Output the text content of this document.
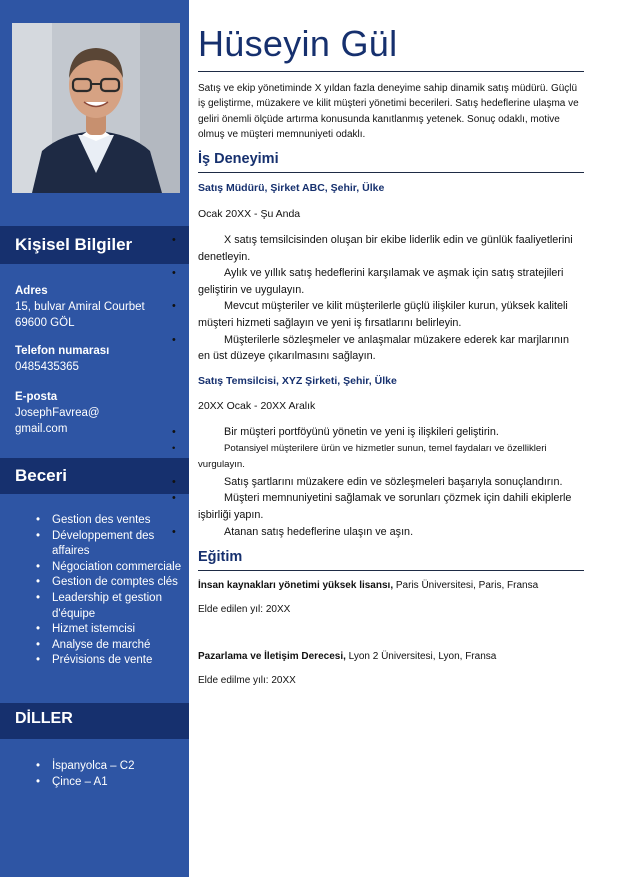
Kişisel Bilgiler
Adres
15, bulvar Amiral Courbet
69600 GÖL
Telefon numarası
0485435365
E-posta
JosephFavrea@
gmail.com
Beceri
• Gestion des ventes
• Développement des affaires
• Négociation commerciale
• Gestion de comptes clés
• Leadership et gestion d'équipe
• Hizmet istemcisi
• Analyse de marché
• Prévisions de vente
DİLLER
• İspanyolca – C2
• Çince – A1
Hüseyin Gül
Satış ve ekip yönetiminde X yıldan fazla deneyime sahip dinamik satış müdürü. Güçlü iş geliştirme, müzakere ve kilit müşteri yönetimi becerileri. Satış hedeflerine ulaşma ve geliri önemli ölçüde artırma konusunda kanıtlanmış yetenek. Sonuç odaklı, motive olmuş ve müşteri memnuniyeti odaklı.
İş Deneyimi
Satış Müdürü, Şirket ABC, Şehir, Ülke
Ocak 20XX - Şu Anda
• X satış temsilcisinden oluşan bir ekibe liderlik edin ve günlük faaliyetlerini denetleyin.
• Aylık ve yıllık satış hedeflerini karşılamak ve aşmak için satış stratejileri geliştirin ve uygulayın.
• Mevcut müşteriler ve kilit müşterilerle güçlü ilişkiler kurun, yüksek kaliteli müşteri hizmeti sağlayın ve yeni iş fırsatlarını belirleyin.
• Müşterilerle sözleşmeler ve anlaşmalar müzakere ederek kar marjlarının en üst düzeye çıkarılmasını sağlayın.
Satış Temsilcisi, XYZ Şirketi, Şehir, Ülke
20XX Ocak - 20XX Aralık
• Bir müşteri portföyünü yönetin ve yeni iş ilişkileri geliştirin.
• Potansiyel müşterilere ürün ve hizmetler sunun, temel faydaları ve özellikleri vurgulayın.
• Satış şartlarını müzakere edin ve sözleşmeleri başarıyla sonuçlandırın.
• Müşteri memnuniyetini sağlamak ve sorunları çözmek için dahili ekiplerle işbirliği yapın.
• Atanan satış hedeflerine ulaşın ve aşın.
Eğitim
İnsan kaynakları yönetimi yüksek lisansı, Paris Üniversitesi, Paris, Fransa
Elde edilen yıl: 20XX
Pazarlama ve İletişim Derecesi, Lyon 2 Üniversitesi, Lyon, Fransa
Elde edilme yılı: 20XX
